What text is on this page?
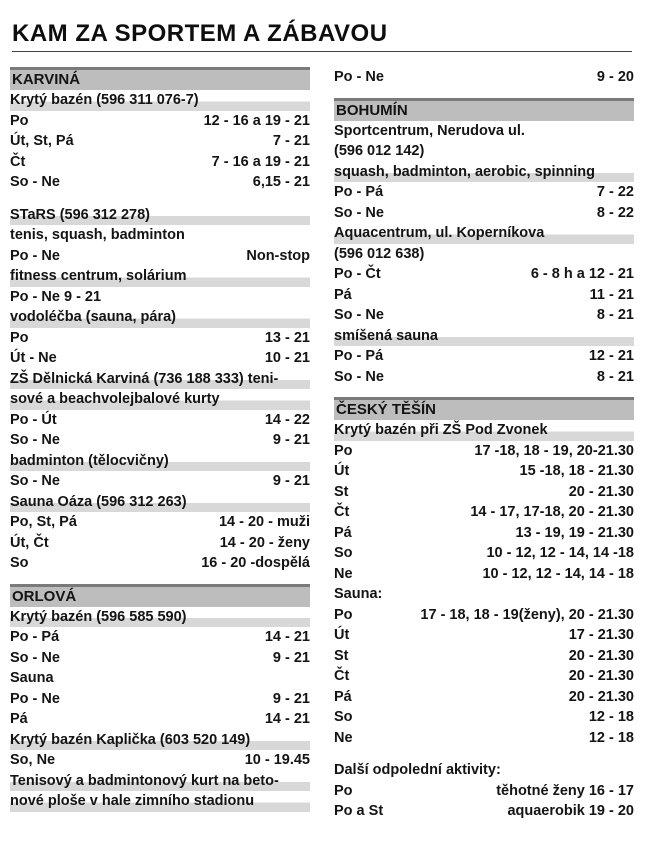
KAM ZA SPORTEM A ZÁBAVOU
KARVINÁ
Krytý bazén (596 311 076-7)
Po	12 - 16 a 19 - 21
Út, St, Pá	7 - 21
Čt	7 - 16 a 19 - 21
So - Ne	6,15 - 21
STaRS (596 312 278)
tenis, squash, badminton
Po - Ne	Non-stop
fitness centrum, solárium
Po - Ne 9 - 21
vodoléčba (sauna, pára)
Po	13 - 21
Út - Ne	10 - 21
ZŠ Dělnická Karviná (736 188 333) teni-
sové a beachvolejbalové kurty
Po - Út	14 - 22
So - Ne	9 - 21
badminton (tělocvičny)
So - Ne	9 - 21
Sauna Oáza (596 312 263)
Po, St, Pá	14 - 20 - muži
Út, Čt	14 - 20 - ženy
So	16 - 20 -dospělá
ORLOVÁ
Krytý bazén (596 585 590)
Po - Pá	14 - 21
So - Ne	9 - 21
Sauna
Po - Ne	9 - 21
Pá	14 - 21
Krytý bazén Kaplička (603 520 149)
So, Ne	10 - 19.45
Tenisový a badmintonový kurt na beto-
nové ploše v hale zimního stadionu
Po - Ne	9 - 20
BOHUMÍN
Sportcentrum, Nerudova ul.
(596 012 142)
squash, badminton, aerobic, spinning
Po - Pá	7 - 22
So - Ne	8 - 22
Aquacentrum, ul. Koperníkova
(596 012 638)
Po - Čt	6 - 8 h a 12 - 21
Pá	11 - 21
So - Ne	8 - 21
smíšená sauna
Po - Pá	12 - 21
So - Ne	8 - 21
ČESKÝ TĚŠÍN
Krytý bazén při ZŠ Pod Zvonek
Po	17 -18, 18 - 19, 20-21.30
Út	15 -18, 18 - 21.30
St	20 - 21.30
Čt	14 - 17, 17-18, 20 - 21.30
Pá	13 - 19, 19 - 21.30
So	10 - 12, 12 - 14, 14 -18
Ne	10 - 12, 12 - 14, 14 - 18
Sauna:
Po	17 - 18, 18 - 19(ženy), 20 - 21.30
Út	17 - 21.30
St	20 - 21.30
Čt	20 - 21.30
Pá	20 - 21.30
So	12 - 18
Ne	12 - 18
Další odpolední aktivity:
Po	těhotné ženy 16 - 17
Po a St	aquaerobik 19 - 20
